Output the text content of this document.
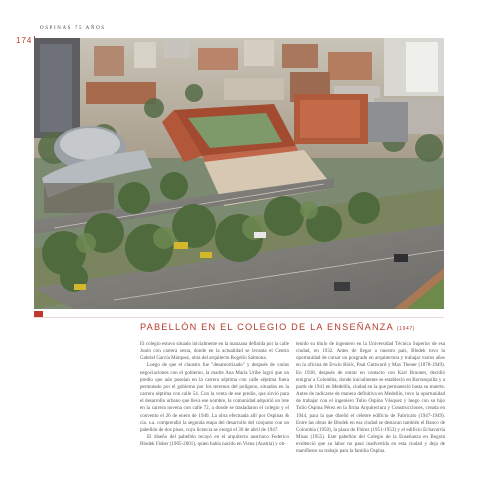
OSPINAS 75 AÑOS
174
PABELLÓN EN EL COLEGIO DE LA ENSEÑANZA (1947)

El colegio estuvo situado inicialmente en la manzana definida por la calle Junín con carrera sexta, donde en la actualidad se levanta el Centro Gabriel García Márquez, obra del arquitecto Rogelio Salmona.

Luego de que el claustro fue "desamortizado" y después de varias negociaciones con el gobierno, la madre Ana María Uribe logró que un predio que aún poseían en la carrera séptima con calle séptima fuera permutado por el gobierno por los terrenos del polígono, situados en la carrera séptima con calle 54. Con la venta de ese predio, que sirvió para el desarrollo urbano que lleva ese nombre, la comunidad adquirió un lote en la carrera novena con calle 72, a donde se trasladaron el colegio y el convento el 26 de enero de 1940. La obra efectuada allí por Ospinas & cía. s.a. comprendió la segunda etapa del desarrollo del conjunto con un pabellón de dos pisos, cuya licencia se otorgó el 30 de abril de 1947.

El diseño del pabellón recayó en el arquitecto austriaco Federico Blodek Fisher (1905-2001), quien había nacido en Viena (Austria) y ob-

tenido su título de ingeniero en la Universidad Técnica Superior de esa ciudad, en 1932. Antes de llegar a nuestro país, Blodek tuvo la oportunidad de cursar un posgrado en arquitectura y trabajar varios años en la oficina de Erwin Böck, Paul Guttwurd y Max Theuer (1878-1949). En 1938, después de entrar en contacto con Karl Brunner, decidió emigrar a Colombia, donde inicialmente se estableció en Barranquilla y a partir de 1941 en Medellín, ciudad en la que permaneció hasta su muerte. Antes de radicarse de manera definitiva en Medellín, tuvo la oportunidad de trabajar con el ingeniero Tulio Ospina Vásquez y luego con su hijo Tulio Ospina Pérez en la firma Arquitectura y Construcciones, creada en 1944, para la que diseñó el célebre edificio de Fabricato (1947-1949). Entre las obras de Blodek en esa ciudad se destacan también el Banco de Colombia (1950), la plaza de Flórez (1951-1953) y el edificio Echavarría Misas (1955). Este pabellón del Colegio de la Enseñanza en Bogotá evidenció que su labor no pasó inadvertida en esta ciudad y deja de manifiesto su trabajo para la familia Ospina.
